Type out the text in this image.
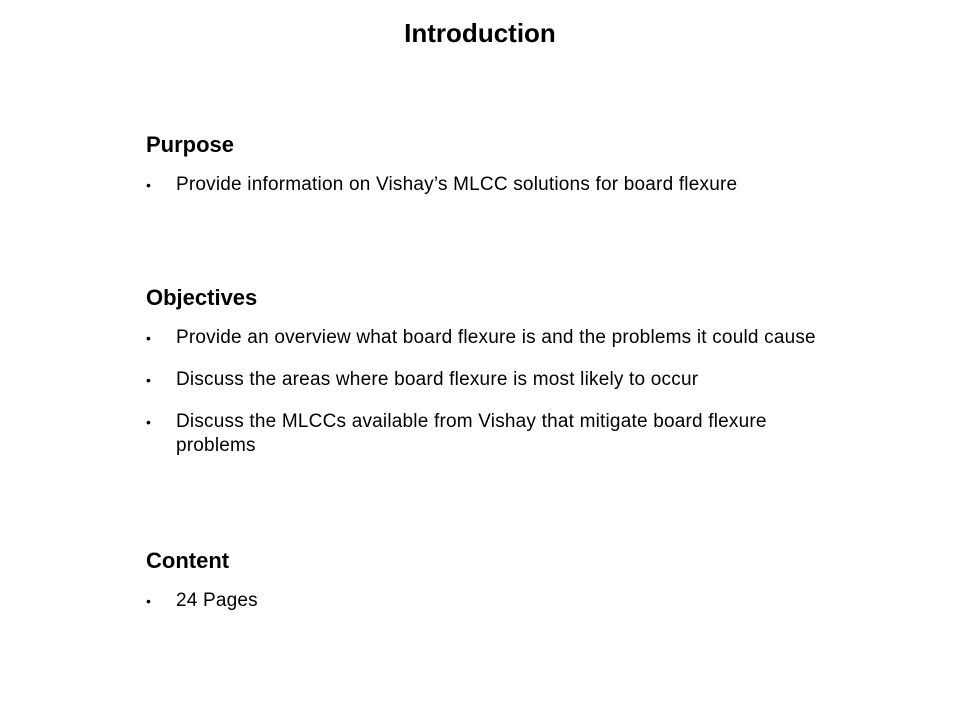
Introduction
Purpose
• Provide information on Vishay’s MLCC solutions for board flexure
Objectives
• Provide an overview what board flexure is and the problems it could cause
• Discuss the areas where board flexure is most likely to occur
• Discuss the MLCCs available from Vishay that mitigate board flexure problems
Content
• 24 Pages
